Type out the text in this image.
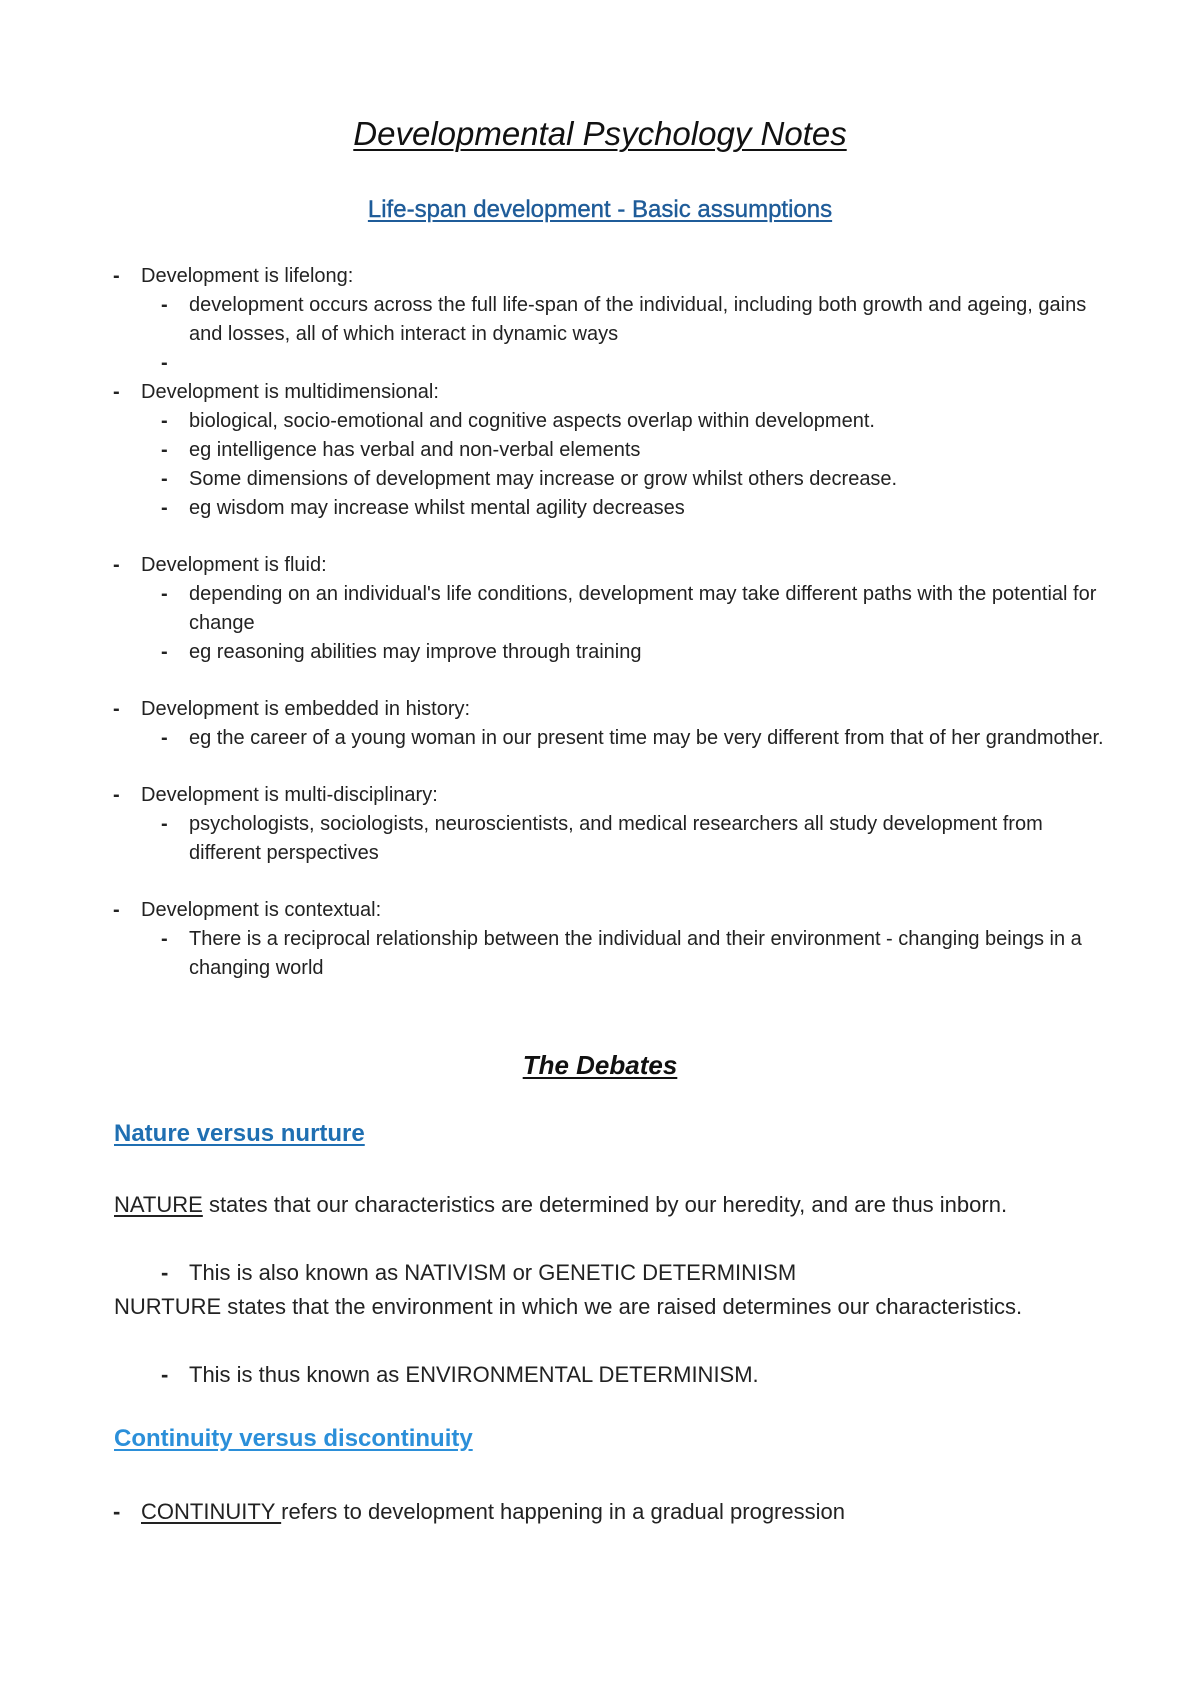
Developmental Psychology Notes
Life-span development - Basic assumptions
- Development is lifelong:
- development occurs across the full life-span of the individual, including both growth and ageing, gains and losses, all of which interact in dynamic ways
-
- Development is multidimensional:
- biological, socio-emotional and cognitive aspects overlap within development.
- eg intelligence has verbal and non-verbal elements
- Some dimensions of development may increase or grow whilst others decrease.
- eg wisdom may increase whilst mental agility decreases
- Development is fluid:
- depending on an individual's life conditions, development may take different paths with the potential for change
- eg reasoning abilities may improve through training
- Development is embedded in history:
- eg the career of a young woman in our present time may be very different from that of her grandmother.
- Development is multi-disciplinary:
- psychologists, sociologists, neuroscientists, and medical researchers all study development from different perspectives
- Development is contextual:
- There is a reciprocal relationship between the individual and their environment - changing beings in a changing world
The Debates
Nature versus nurture
NATURE states that our characteristics are determined by our heredity, and are thus inborn.
- This is also known as NATIVISM or GENETIC DETERMINISM
NURTURE states that the environment in which we are raised determines our characteristics.
- This is thus known as ENVIRONMENTAL DETERMINISM.
Continuity versus discontinuity
- CONTINUITY refers to development happening in a gradual progression
